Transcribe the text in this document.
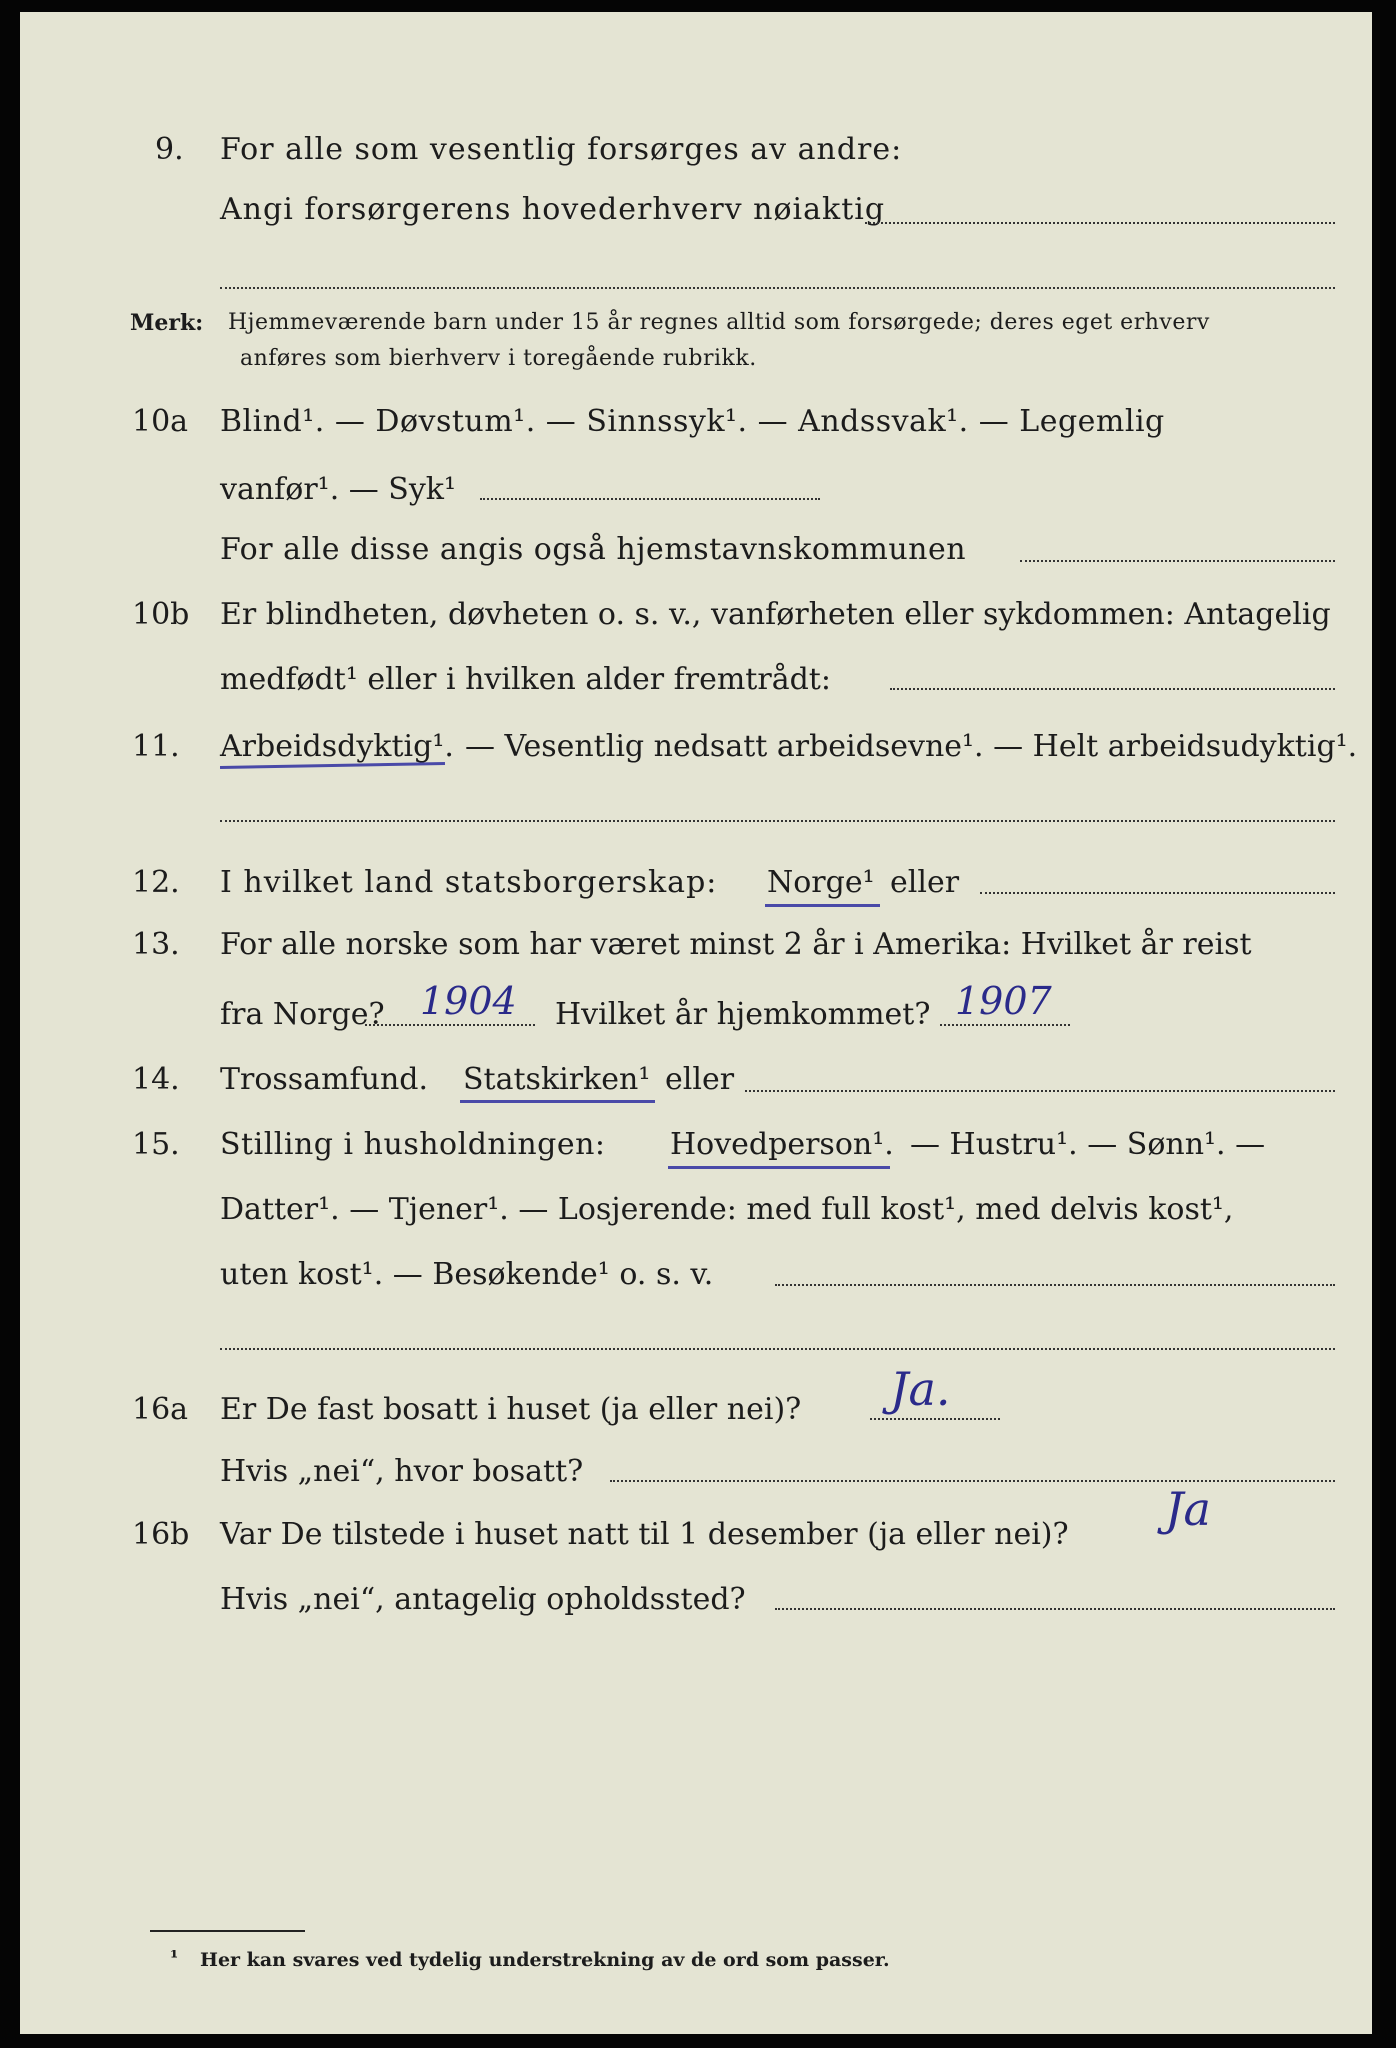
9. For alle som vesentlig forsørges av andre:
Angi forsørgerens hovederhverv nøiaktig
Merk: Hjemmeværende barn under 15 år regnes alltid som forsørgede; deres eget erhverv
anføres som bierhverv i toregående rubrikk.
10a Blind¹. — Døvstum¹. — Sinnssyk¹. — Andssvak¹. — Legemlig
vanfør¹. — Syk¹
For alle disse angis også hjemstavnskommunen
10b Er blindheten, døvheten o. s. v., vanførheten eller sykdommen: Antagelig
medfødt¹ eller i hvilken alder fremtrådt:
11. Arbeidsdyktig¹. — Vesentlig nedsatt arbeidsevne¹. — Helt arbeidsudyktig¹.
12. I hvilket land statsborgerskap: Norge¹ eller
13. For alle norske som har været minst 2 år i Amerika: Hvilket år reist
fra Norge? 1904 Hvilket år hjemkommet? 1907
14. Trossamfund. Statskirken¹ eller
15. Stilling i husholdningen: Hovedperson¹. — Hustru¹. — Sønn¹. —
Datter¹. — Tjener¹. — Losjerende: med full kost¹, med delvis kost¹,
uten kost¹. — Besøkende¹ o. s. v.
16a Er De fast bosatt i huset (ja eller nei)? Ja.
Hvis „nei“, hvor bosatt?
16b Var De tilstede i huset natt til 1 desember (ja eller nei)? Ja
Hvis „nei“, antagelig opholdssted?
¹ Her kan svares ved tydelig understrekning av de ord som passer.
